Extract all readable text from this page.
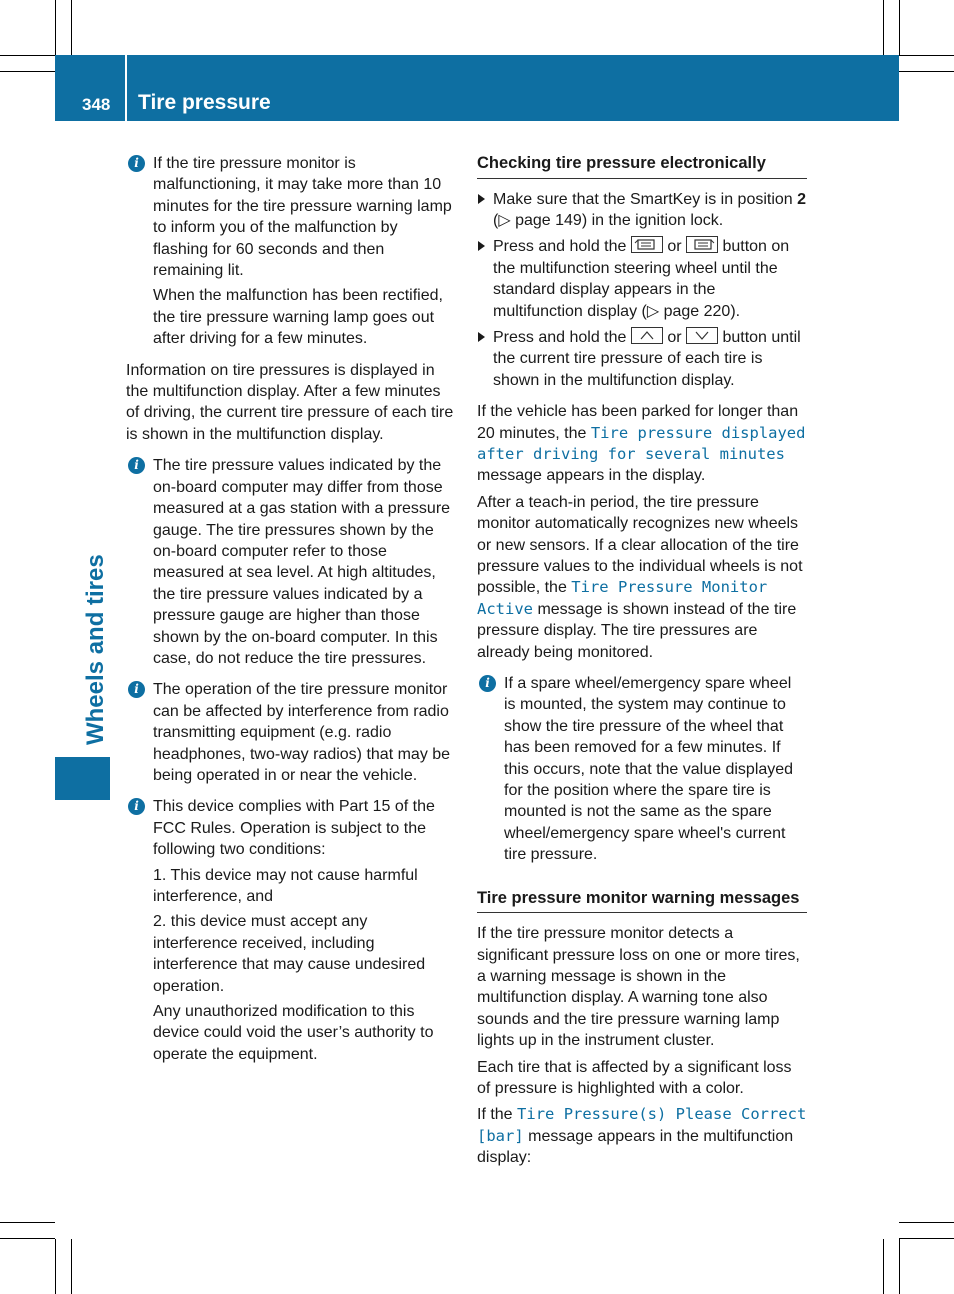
348 Tire pressure
Wheels and tires
i If the tire pressure monitor is malfunctioning, it may take more than 10 minutes for the tire pressure warning lamp to inform you of the malfunction by flashing for 60 seconds and then remaining lit.

When the malfunction has been rectified, the tire pressure warning lamp goes out after driving for a few minutes.

Information on tire pressures is displayed in the multifunction display. After a few minutes of driving, the current tire pressure of each tire is shown in the multifunction display.

i The tire pressure values indicated by the on-board computer may differ from those measured at a gas station with a pressure gauge. The tire pressures shown by the on-board computer refer to those measured at sea level. At high altitudes, the tire pressure values indicated by a pressure gauge are higher than those shown by the on-board computer. In this case, do not reduce the tire pressures.

i The operation of the tire pressure monitor can be affected by interference from radio transmitting equipment (e.g. radio headphones, two-way radios) that may be being operated in or near the vehicle.

i This device complies with Part 15 of the FCC Rules. Operation is subject to the following two conditions:

1. This device may not cause harmful interference, and

2. this device must accept any interference received, including interference that may cause undesired operation.

Any unauthorized modification to this device could void the user’s authority to operate the equipment.

Checking tire pressure electronically
Make sure that the SmartKey is in position 2 (▷ page 149) in the ignition lock.
Press and hold the
or
button on the multifunction steering wheel until the standard display appears in the multifunction display (▷ page 220).
Press and hold the
or
button until the current tire pressure of each tire is shown in the multifunction display.

If the vehicle has been parked for longer than 20 minutes, the Tire pressure displayed after driving for several minutes message appears in the display.

After a teach-in period, the tire pressure monitor automatically recognizes new wheels or new sensors. If a clear allocation of the tire pressure values to the individual wheels is not possible, the Tire Pressure Monitor Active message is shown instead of the tire pressure display. The tire pressures are already being monitored.

i If a spare wheel/emergency spare wheel is mounted, the system may continue to show the tire pressure of the wheel that has been removed for a few minutes. If this occurs, note that the value displayed for the position where the spare tire is mounted is not the same as the spare wheel/emergency spare wheel's current tire pressure.

Tire pressure monitor warning messages

If the tire pressure monitor detects a significant pressure loss on one or more tires, a warning message is shown in the multifunction display. A warning tone also sounds and the tire pressure warning lamp lights up in the instrument cluster.

Each tire that is affected by a significant loss of pressure is highlighted with a color.

If the Tire Pressure(s) Please Correct [bar] message appears in the multifunction display:
